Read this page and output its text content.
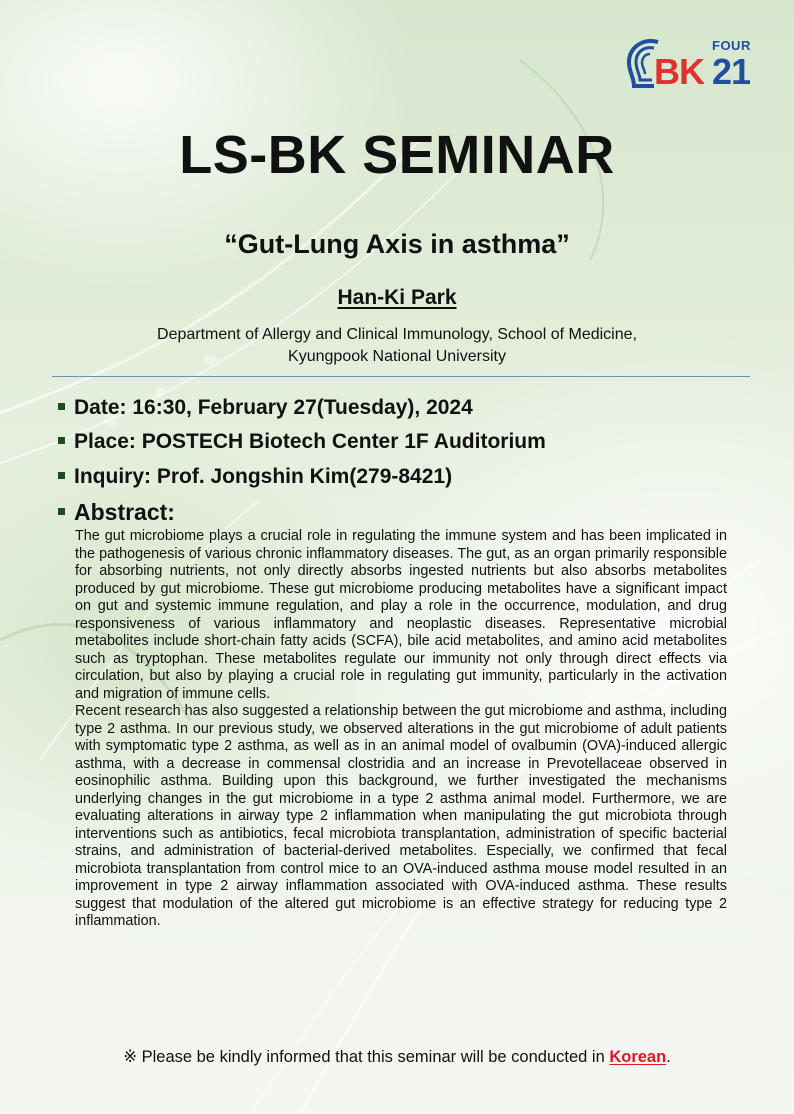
FOUR
BK 21
LS-BK SEMINAR
“Gut-Lung Axis in asthma”
Han-Ki Park
Department of Allergy and Clinical Immunology, School of Medicine,
Kyungpook National University
Date: 16:30, February 27(Tuesday), 2024
Place: POSTECH Biotech Center 1F Auditorium
Inquiry: Prof. Jongshin Kim(279-8421)
Abstract:

The gut microbiome plays a crucial role in regulating the immune system and has been implicated in the pathogenesis of various chronic inflammatory diseases. The gut, as an organ primarily responsible for absorbing nutrients, not only directly absorbs ingested nutrients but also absorbs metabolites produced by gut microbiome. These gut microbiome producing metabolites have a significant impact on gut and systemic immune regulation, and play a role in the occurrence, modulation, and drug responsiveness of various inflammatory and neoplastic diseases. Representative microbial metabolites include short-chain fatty acids (SCFA), bile acid metabolites, and amino acid metabolites such as tryptophan. These metabolites regulate our immunity not only through direct effects via circulation, but also by playing a crucial role in regulating gut immunity, particularly in the activation and migration of immune cells.

Recent research has also suggested a relationship between the gut microbiome and asthma, including type 2 asthma. In our previous study, we observed alterations in the gut microbiome of adult patients with symptomatic type 2 asthma, as well as in an animal model of ovalbumin (OVA)-induced allergic asthma, with a decrease in commensal clostridia and an increase in Prevotellaceae observed in eosinophilic asthma. Building upon this background, we further investigated the mechanisms underlying changes in the gut microbiome in a type 2 asthma animal model. Furthermore, we are evaluating alterations in airway type 2 inflammation when manipulating the gut microbiota through interventions such as antibiotics, fecal microbiota transplantation, administration of specific bacterial strains, and administration of bacterial-derived metabolites. Especially, we confirmed that fecal microbiota transplantation from control mice to an OVA-induced asthma mouse model resulted in an improvement in type 2 airway inflammation associated with OVA-induced asthma. These results suggest that modulation of the altered gut microbiome is an effective strategy for reducing type 2 inflammation.

※ Please be kindly informed that this seminar will be conducted in Korean.
